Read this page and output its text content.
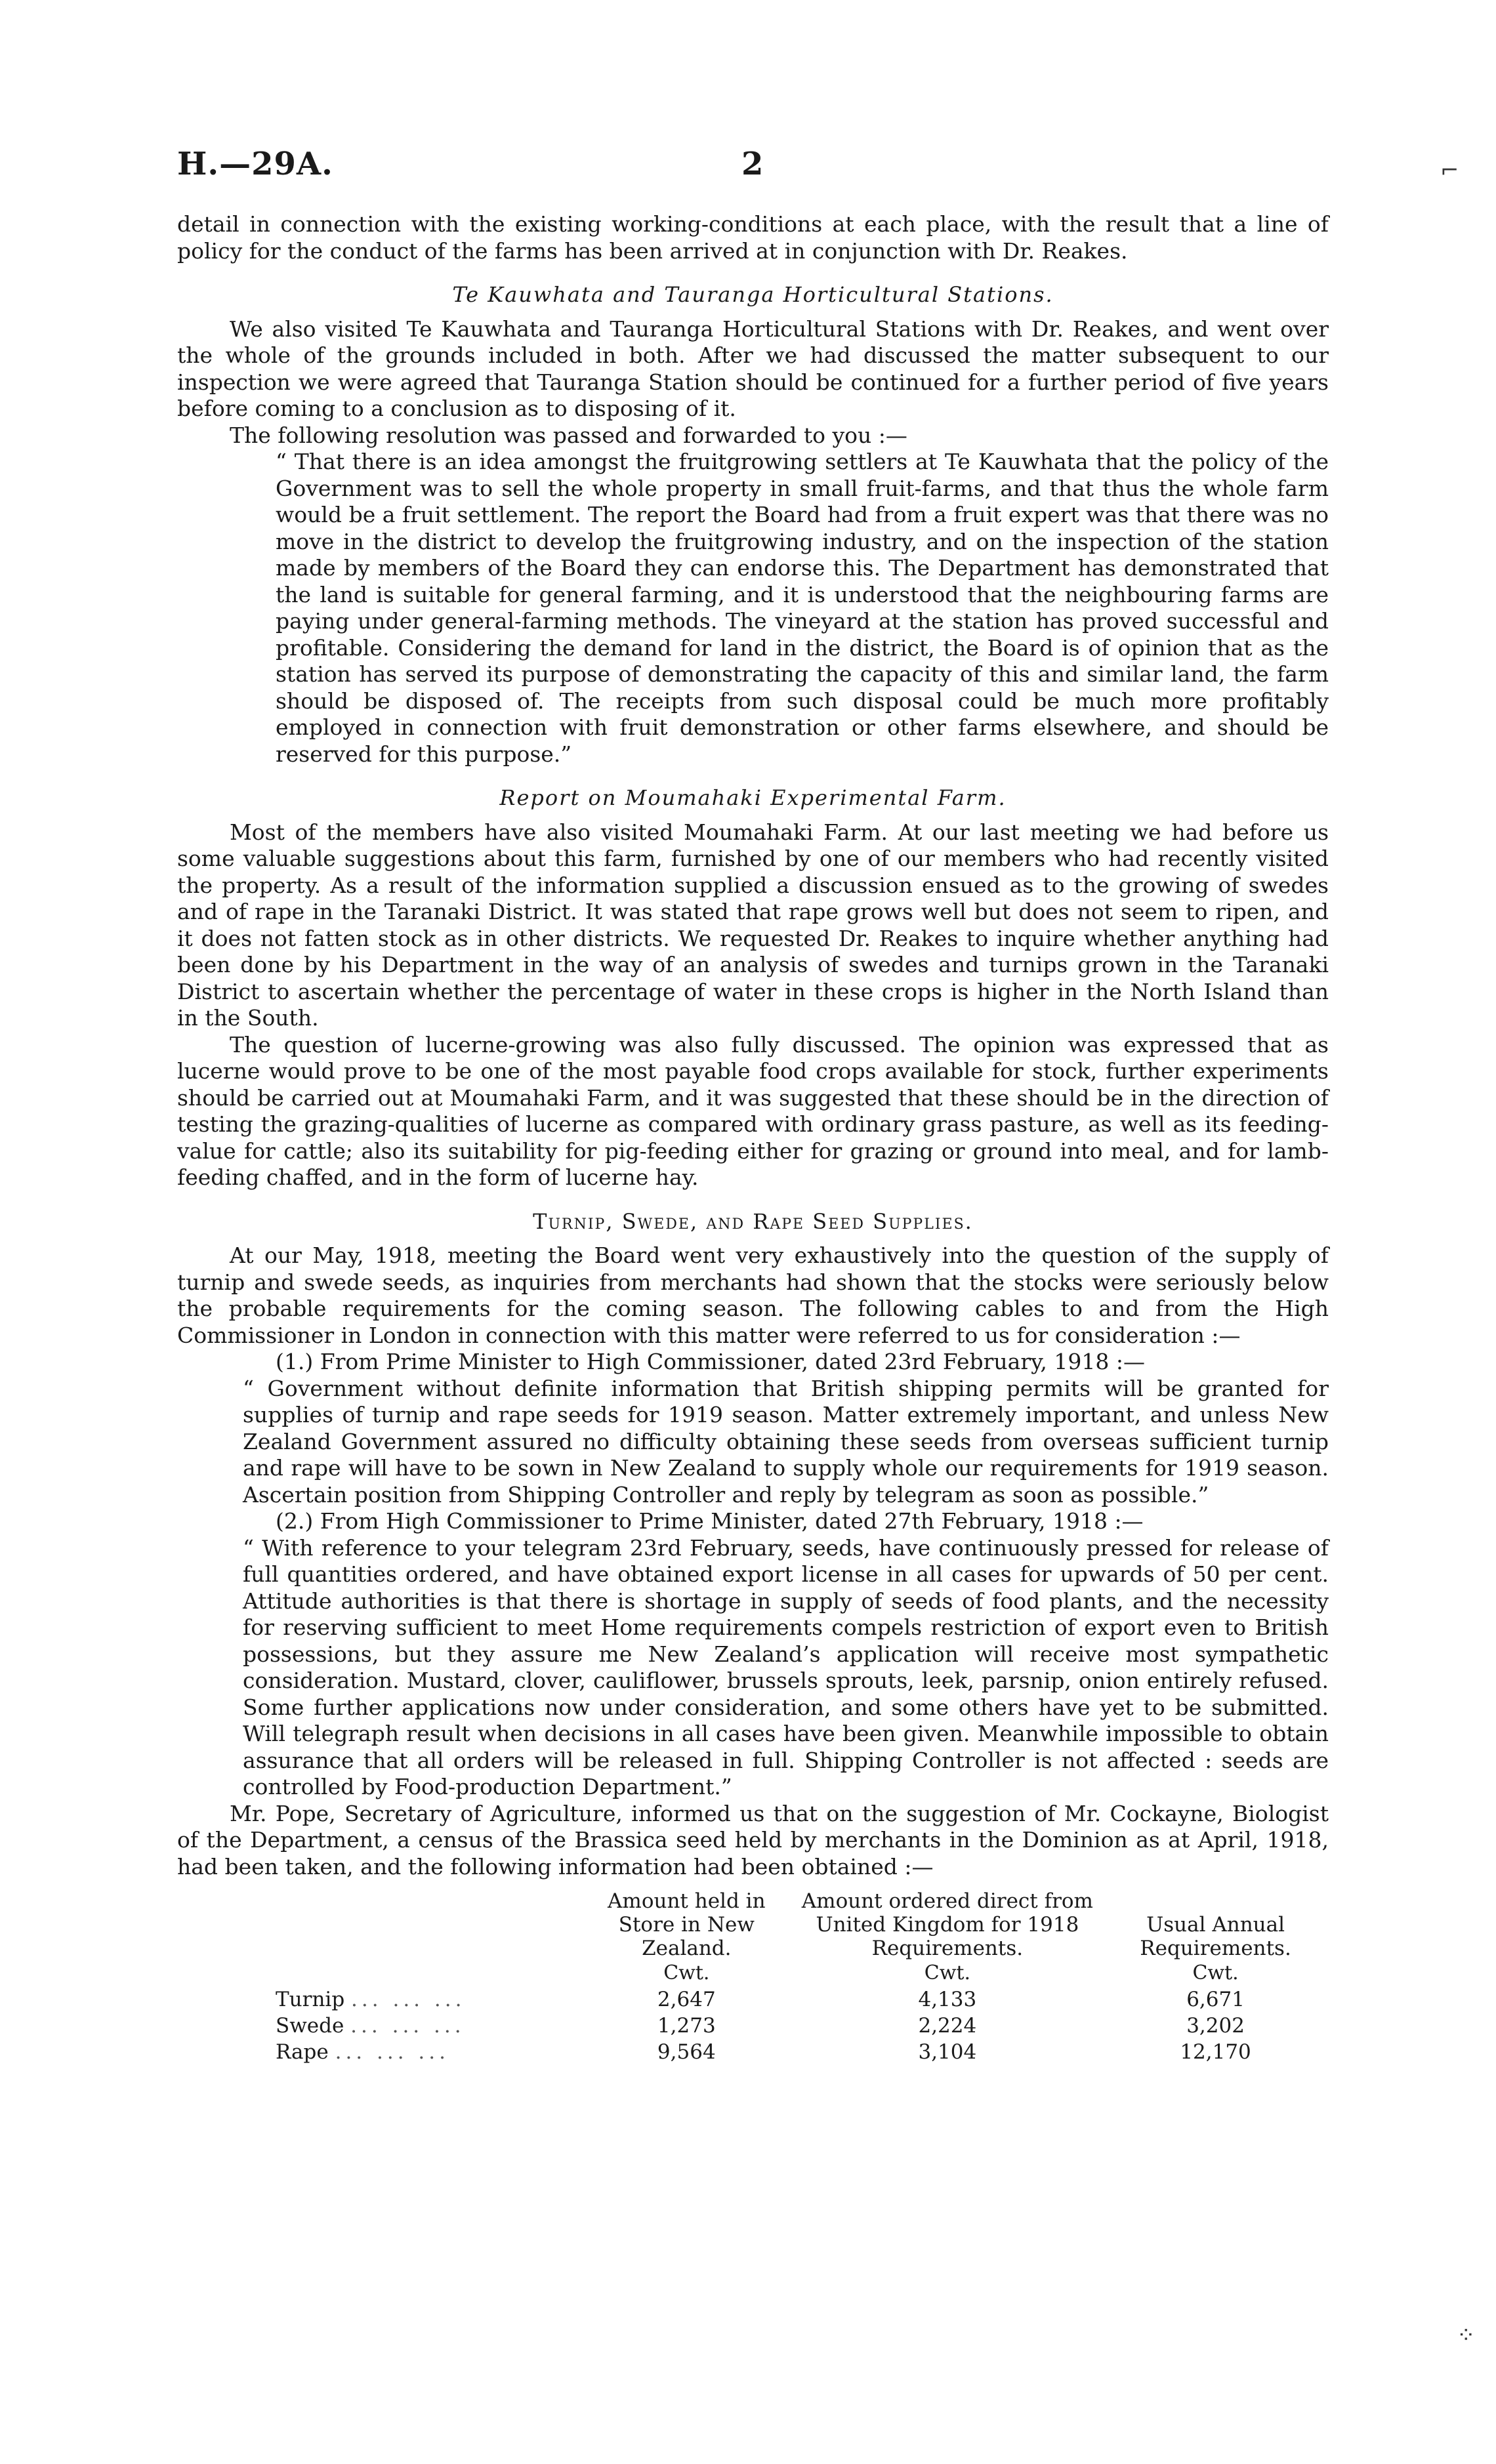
H.—29A.	2	⌐
⁘

detail in connection with the existing working-conditions at each place, with the result that a line of policy for the conduct of the farms has been arrived at in conjunction with Dr. Reakes.

Te Kauwhata and Tauranga Horticultural Stations.

We also visited Te Kauwhata and Tauranga Horticultural Stations with Dr. Reakes, and went over the whole of the grounds included in both. After we had discussed the matter subsequent to our inspection we were agreed that Tauranga Station should be continued for a further period of five years before coming to a conclusion as to disposing of it.

The following resolution was passed and forwarded to you :—

“ That there is an idea amongst the fruitgrowing settlers at Te Kauwhata that the policy of the Government was to sell the whole property in small fruit-farms, and that thus the whole farm would be a fruit settlement. The report the Board had from a fruit expert was that there was no move in the district to develop the fruitgrowing industry, and on the inspection of the station made by members of the Board they can endorse this. The Department has demonstrated that the land is suitable for general farming, and it is understood that the neighbouring farms are paying under general-farming methods. The vineyard at the station has proved successful and profitable. Considering the demand for land in the district, the Board is of opinion that as the station has served its purpose of demonstrating the capacity of this and similar land, the farm should be disposed of. The receipts from such disposal could be much more profitably employed in connection with fruit demonstration or other farms elsewhere, and should be reserved for this purpose.”

Report on Moumahaki Experimental Farm.

Most of the members have also visited Moumahaki Farm. At our last meeting we had before us some valuable suggestions about this farm, furnished by one of our members who had recently visited the property. As a result of the information supplied a discussion ensued as to the growing of swedes and of rape in the Taranaki District. It was stated that rape grows well but does not seem to ripen, and it does not fatten stock as in other districts. We requested Dr. Reakes to inquire whether anything had been done by his Department in the way of an analysis of swedes and turnips grown in the Taranaki District to ascertain whether the percentage of water in these crops is higher in the North Island than in the South.

The question of lucerne-growing was also fully discussed. The opinion was expressed that as lucerne would prove to be one of the most payable food crops available for stock, further experiments should be carried out at Moumahaki Farm, and it was suggested that these should be in the direction of testing the grazing-qualities of lucerne as compared with ordinary grass pasture, as well as its feeding-value for cattle; also its suitability for pig-feeding either for grazing or ground into meal, and for lamb-feeding chaffed, and in the form of lucerne hay.

Turnip, Swede, and Rape Seed Supplies.

At our May, 1918, meeting the Board went very exhaustively into the question of the supply of turnip and swede seeds, as inquiries from merchants had shown that the stocks were seriously below the probable requirements for the coming season. The following cables to and from the High Commissioner in London in connection with this matter were referred to us for consideration :—

(1.) From Prime Minister to High Commissioner, dated 23rd February, 1918 :—

“ Government without definite information that British shipping permits will be granted for supplies of turnip and rape seeds for 1919 season. Matter extremely important, and unless New Zealand Government assured no difficulty obtaining these seeds from overseas sufficient turnip and rape will have to be sown in New Zealand to supply whole our requirements for 1919 season. Ascertain position from Shipping Controller and reply by telegram as soon as possible.”

(2.) From High Commissioner to Prime Minister, dated 27th February, 1918 :—

“ With reference to your telegram 23rd February, seeds, have continuously pressed for release of full quantities ordered, and have obtained export license in all cases for upwards of 50 per cent. Attitude authorities is that there is shortage in supply of seeds of food plants, and the necessity for reserving sufficient to meet Home requirements compels restriction of export even to British possessions, but they assure me New Zealand’s application will receive most sympathetic consideration. Mustard, clover, cauliflower, brussels sprouts, leek, parsnip, onion entirely refused. Some further applications now under consideration, and some others have yet to be submitted. Will telegraph result when decisions in all cases have been given. Meanwhile impossible to obtain assurance that all orders will be released in full. Shipping Controller is not affected : seeds are controlled by Food-production Department.”

Mr. Pope, Secretary of Agriculture, informed us that on the suggestion of Mr. Cockayne, Biologist of the Department, a census of the Brassica seed held by merchants in the Dominion as at April, 1918, had been taken, and the following information had been obtained :—

	Amount held in Store in New Zealand.	Amount ordered direct from United Kingdom for 1918 Requirements.	Usual Annual Requirements.
	Cwt.	Cwt.	Cwt.
Turnip ... ... ...	2,647	4,133	6,671
Swede ... ... ...	1,273	2,224	3,202
Rape ... ... ...	9,564	3,104	12,170
